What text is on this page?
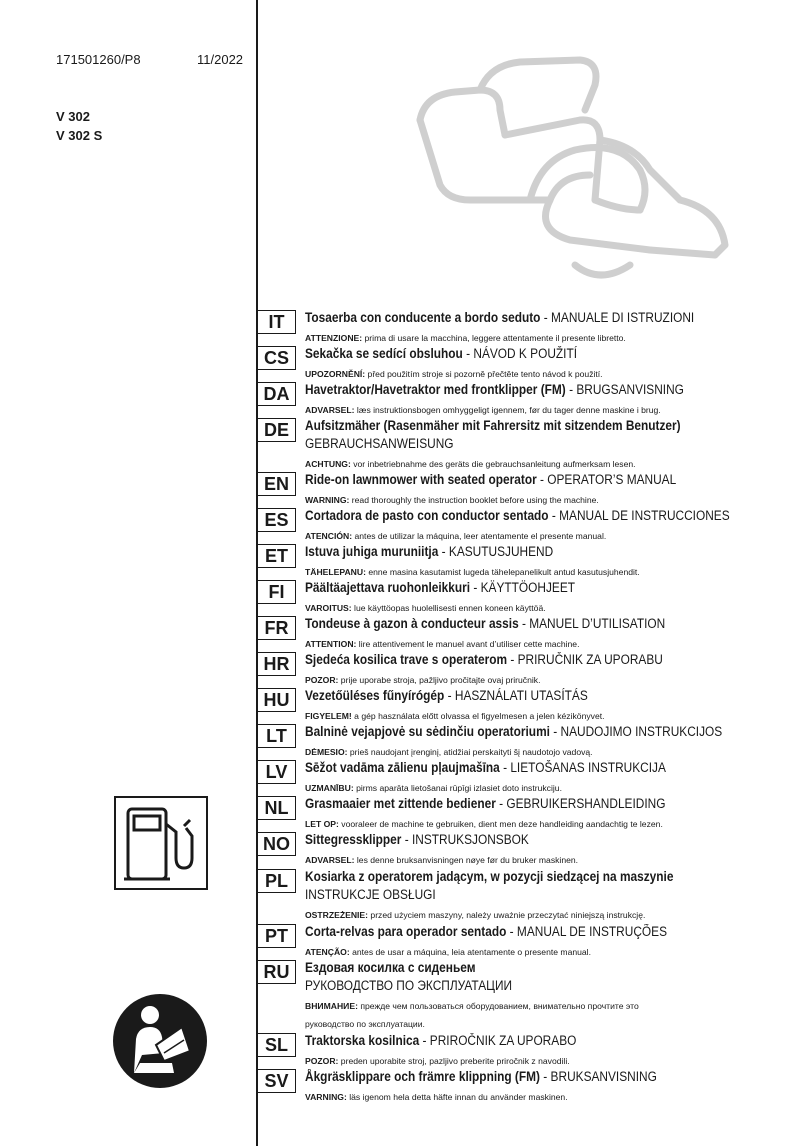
171501260/P8	11/2022
V 302
V 302 S
IT	Tosaerba con conducente a bordo seduto - MANUALE DI ISTRUZIONI
ATTENZIONE: prima di usare la macchina, leggere attentamente il presente libretto.
CS	Sekačka se sedící obsluhou - NÁVOD K POUŽITÍ
UPOZORNĚNÍ: před použitím stroje si pozorně přečtěte tento návod k použití.
DA	Havetraktor/Havetraktor med frontklipper (FM) - BRUGSANVISNING
ADVARSEL: læs instruktionsbogen omhyggeligt igennem, før du tager denne maskine i brug.
DE	Aufsitzmäher (Rasenmäher mit Fahrersitz mit sitzendem Benutzer)
GEBRAUCHSANWEISUNG
ACHTUNG: vor inbetriebnahme des geräts die gebrauchsanleitung aufmerksam lesen.
EN	Ride-on lawnmower with seated operator - OPERATOR’S MANUAL
WARNING: read thoroughly the instruction booklet before using the machine.
ES	Cortadora de pasto con conductor sentado - MANUAL DE INSTRUCCIONES
ATENCIÓN: antes de utilizar la máquina, leer atentamente el presente manual.
ET	Istuva juhiga muruniitja - KASUTUSJUHEND
TÄHELEPANU: enne masina kasutamist lugeda tähelepanelikult antud kasutusjuhendit.
FI	Päältäajettava ruohonleikkuri - KÄYTTÖOHJEET
VAROITUS: lue käyttöopas huolellisesti ennen koneen käyttöä.
FR	Tondeuse à gazon à conducteur assis - MANUEL D’UTILISATION
ATTENTION: lire attentivement le manuel avant d’utiliser cette machine.
HR	Sjedeća kosilica trave s operaterom - PRIRUČNIK ZA UPORABU
POZOR: prije uporabe stroja, pažljivo pročitajte ovaj priručnik.
HU	Vezetőüléses fűnyírógép - HASZNÁLATI UTASÍTÁS
FIGYELEM! a gép használata előtt olvassa el figyelmesen a jelen kézikönyvet.
LT	Balninė vejapjovė su sėdinčiu operatoriumi - NAUDOJIMO INSTRUKCIJOS
DĖMESIO: prieš naudojant įrenginį, atidžiai perskaityti šį naudotojo vadovą.
LV	Sēžot vadāma zālienu pļaujmašīna - LIETOŠANAS INSTRUKCIJA
UZMANĪBU: pirms aparāta lietošanai rūpīgi izlasiet doto instrukciju.
NL	Grasmaaier met zittende bediener - GEBRUIKERSHANDLEIDING
LET OP: vooraleer de machine te gebruiken, dient men deze handleiding aandachtig te lezen.
NO	Sittegressklipper - INSTRUKSJONSBOK
ADVARSEL: les denne bruksanvisningen nøye før du bruker maskinen.
PL	Kosiarka z operatorem jadącym, w pozycji siedzącej na maszynie
INSTRUKCJE OBSŁUGI
OSTRZEŻENIE: przed użyciem maszyny, należy uważnie przeczytać niniejszą instrukcję.
PT	Corta-relvas para operador sentado - MANUAL DE INSTRUÇÕES
ATENÇÃO: antes de usar a máquina, leia atentamente o presente manual.
RU	Ездовая косилка с сиденьем
РУКОВОДСТВО ПО ЭКСПЛУАТАЦИИ
ВНИМАНИЕ: прежде чем пользоваться оборудованием, внимательно прочтите это
руководство по эксплуатации.
SL	Traktorska kosilnica - PRIROČNIK ZA UPORABO
POZOR: preden uporabite stroj, pazljivo preberite priročnik z navodili.
SV	Åkgräsklippare och främre klippning (FM) - BRUKSANVISNING
VARNING: läs igenom hela detta häfte innan du använder maskinen.
